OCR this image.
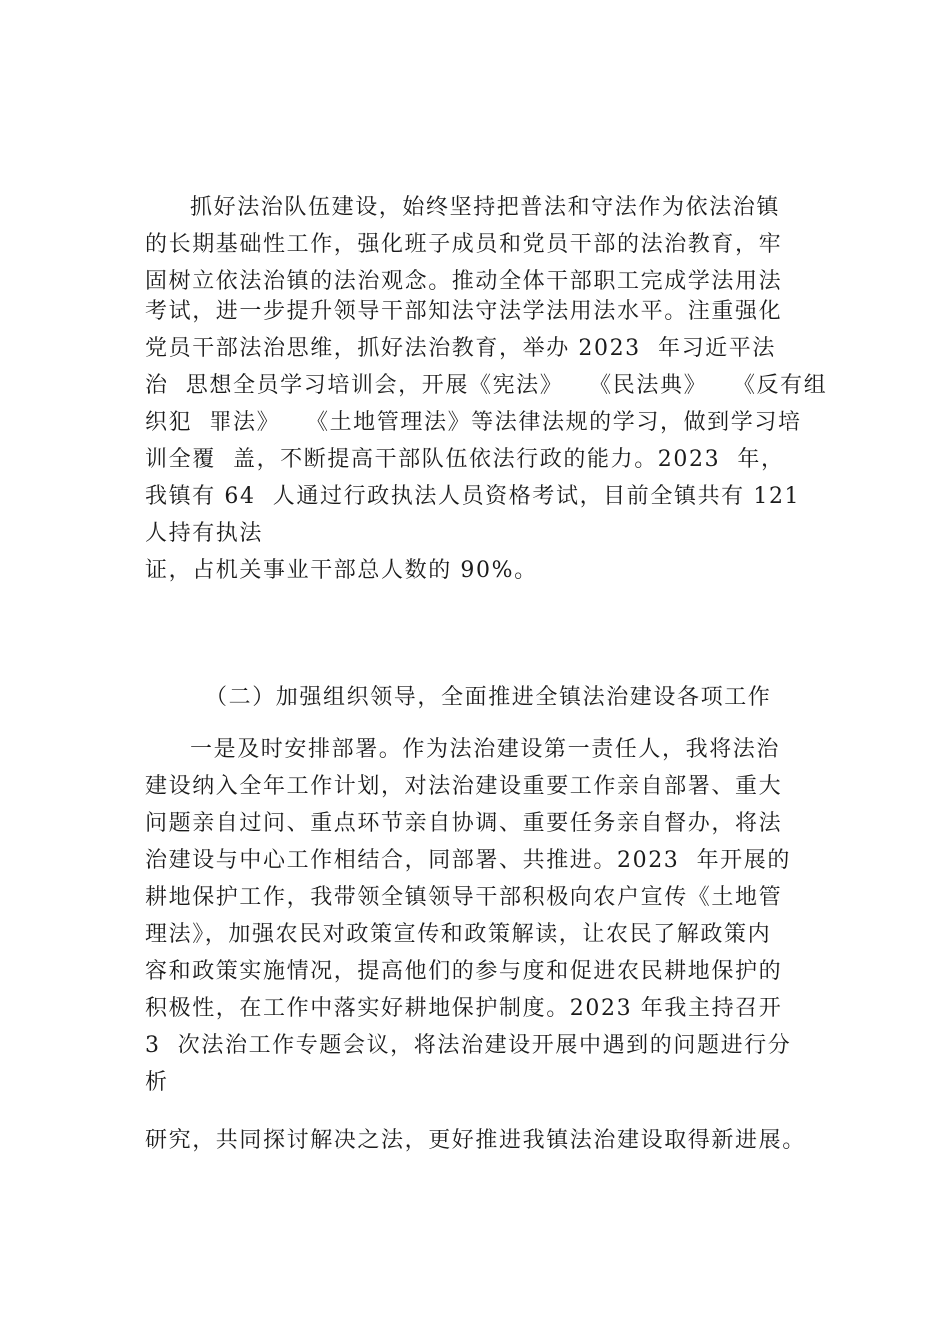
抓好法治队伍建设，始终坚持把普法和守法作为依法治镇
的长期基础性工作，强化班子成员和党员干部的法治教育，牢
固树立依法治镇的法治观念。推动全体干部职工完成学法用法
考试，进一步提升领导干部知法守法学法用法水平。注重强化
党员干部法治思维，抓好法治教育，举办 2023  年习近平法
治  思想全员学习培训会，开展《宪法》   《民法典》   《反有组
织犯  罪法》   《土地管理法》等法律法规的学习，做到学习培
训全覆  盖，不断提高干部队伍依法行政的能力。2023  年，
我镇有 64  人通过行政执法人员资格考试，目前全镇共有 121
人持有执法
证，占机关事业干部总人数的 90%。
（二）加强组织领导，全面推进全镇法治建设各项工作
一是及时安排部署。作为法治建设第一责任人，我将法治
建设纳入全年工作计划，对法治建设重要工作亲自部署、重大
问题亲自过问、重点环节亲自协调、重要任务亲自督办，将法
治建设与中心工作相结合，同部署、共推进。2023  年开展的
耕地保护工作，我带领全镇领导干部积极向农户宣传《土地管
理法》，加强农民对政策宣传和政策解读，让农民了解政策内
容和政策实施情况，提高他们的参与度和促进农民耕地保护的
积极性，在工作中落实好耕地保护制度。2023 年我主持召开
3  次法治工作专题会议，将法治建设开展中遇到的问题进行分
析
研究，共同探讨解决之法，更好推进我镇法治建设取得新进展。
